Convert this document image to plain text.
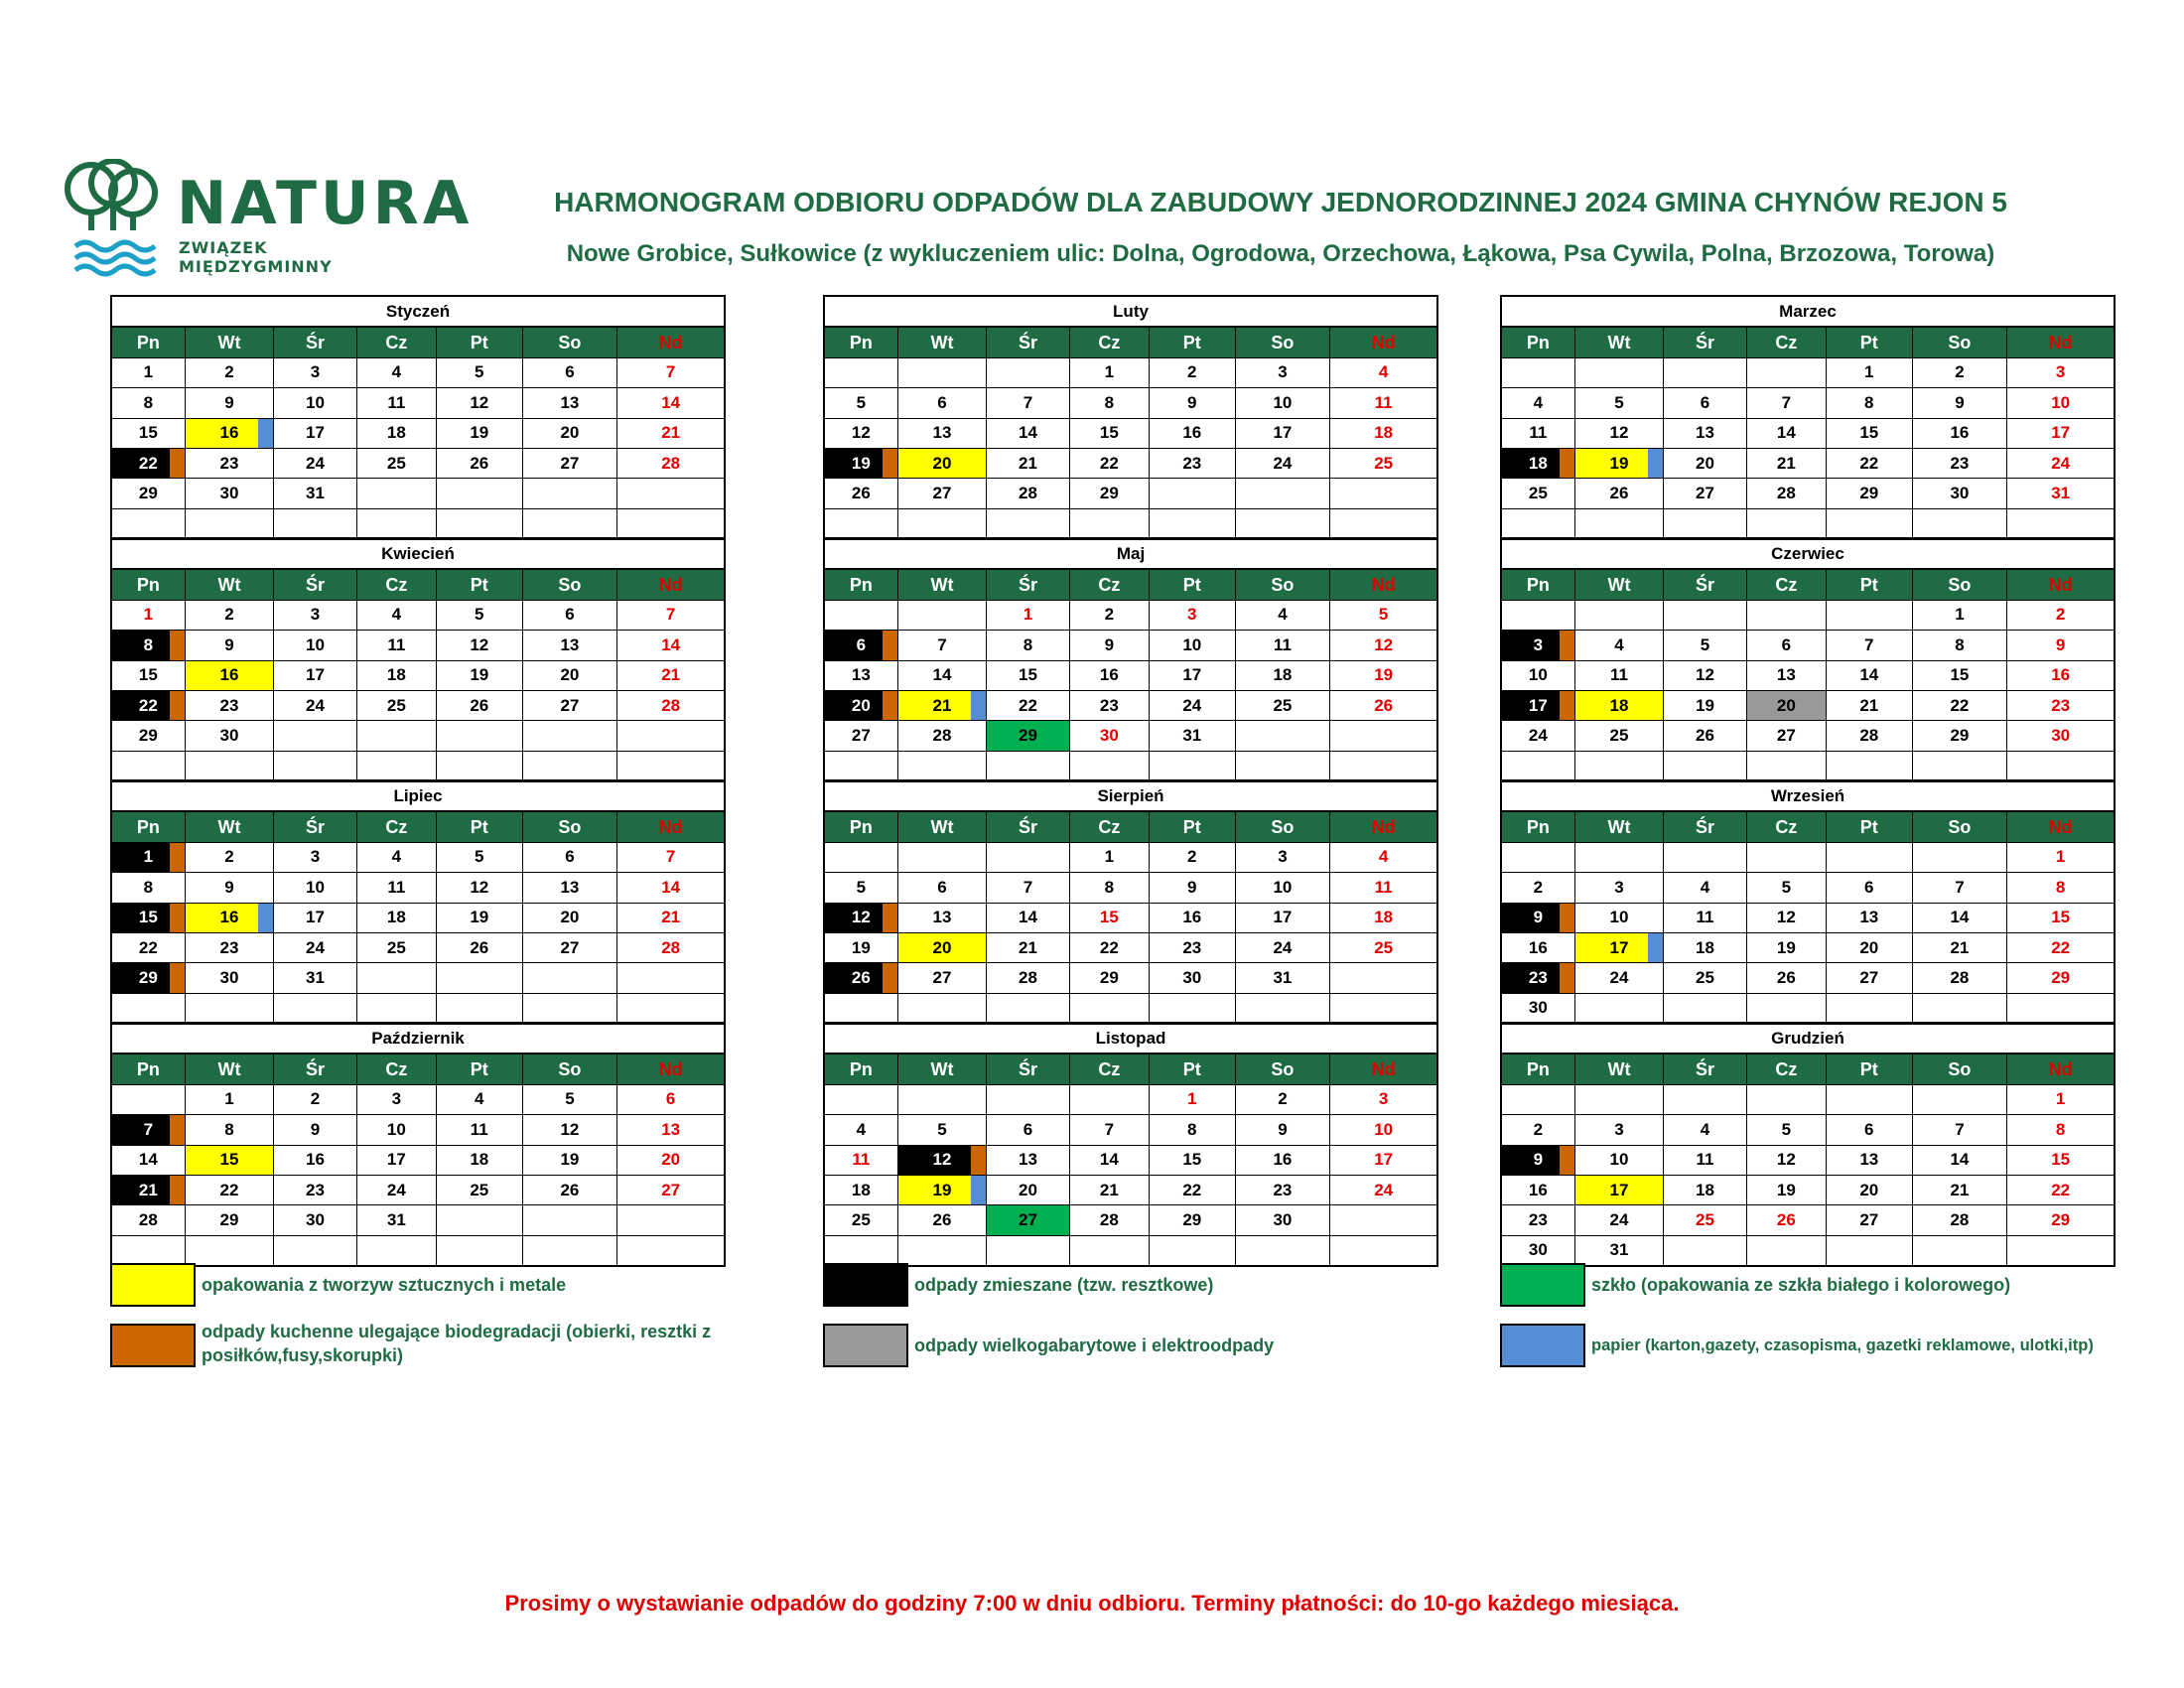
NATURA
ZWIĄZEK MIĘDZYGMINNY
HARMONOGRAM ODBIORU ODPADÓW DLA ZABUDOWY JEDNORODZINNEJ 2024 GMINA CHYNÓW REJON 5
Nowe Grobice, Sułkowice (z wykluczeniem ulic: Dolna, Ogrodowa, Orzechowa, Łąkowa, Psa Cywila, Polna, Brzozowa, Torowa)
Styczeń						
Pn	Wt	Śr	Cz	Pt	So	Nd
1	2	3	4	5	6	7
8	9	10	11	12	13	14
15	16	17	18	19	20	21
22	23	24	25	26	27	28
29	30	31				

Luty						
Pn	Wt	Śr	Cz	Pt	So	Nd
			1	2	3	4
5	6	7	8	9	10	11
12	13	14	15	16	17	18
19	20	21	22	23	24	25
26	27	28	29			

Marzec						
Pn	Wt	Śr	Cz	Pt	So	Nd
				1	2	3
4	5	6	7	8	9	10
11	12	13	14	15	16	17
18	19	20	21	22	23	24
25	26	27	28	29	30	31

Kwiecień						
Pn	Wt	Śr	Cz	Pt	So	Nd
1	2	3	4	5	6	7
8	9	10	11	12	13	14
15	16	17	18	19	20	21
22	23	24	25	26	27	28
29	30					

Maj						
Pn	Wt	Śr	Cz	Pt	So	Nd
		1	2	3	4	5
6	7	8	9	10	11	12
13	14	15	16	17	18	19
20	21	22	23	24	25	26
27	28	29	30	31		

Czerwiec						
Pn	Wt	Śr	Cz	Pt	So	Nd
					1	2
3	4	5	6	7	8	9
10	11	12	13	14	15	16
17	18	19	20	21	22	23
24	25	26	27	28	29	30

Lipiec						
Pn	Wt	Śr	Cz	Pt	So	Nd
1	2	3	4	5	6	7
8	9	10	11	12	13	14
15	16	17	18	19	20	21
22	23	24	25	26	27	28
29	30	31				

Sierpień						
Pn	Wt	Śr	Cz	Pt	So	Nd
			1	2	3	4
5	6	7	8	9	10	11
12	13	14	15	16	17	18
19	20	21	22	23	24	25
26	27	28	29	30	31	

Wrzesień						
Pn	Wt	Śr	Cz	Pt	So	Nd
						1
2	3	4	5	6	7	8
9	10	11	12	13	14	15
16	17	18	19	20	21	22
23	24	25	26	27	28	29
30						
Październik						
Pn	Wt	Śr	Cz	Pt	So	Nd
	1	2	3	4	5	6
7	8	9	10	11	12	13
14	15	16	17	18	19	20
21	22	23	24	25	26	27
28	29	30	31			

Listopad						
Pn	Wt	Śr	Cz	Pt	So	Nd
				1	2	3
4	5	6	7	8	9	10
11	12	13	14	15	16	17
18	19	20	21	22	23	24
25	26	27	28	29	30	

Grudzień						
Pn	Wt	Śr	Cz	Pt	So	Nd
						1
2	3	4	5	6	7	8
9	10	11	12	13	14	15
16	17	18	19	20	21	22
23	24	25	26	27	28	29
30	31					
opakowania z tworzyw sztucznych i metale
odpady kuchenne ulegające biodegradacji (obierki, resztki z
posiłków,fusy,skorupki)
odpady zmieszane (tzw. resztkowe)
odpady wielkogabarytowe i elektroodpady
szkło (opakowania ze szkła białego i kolorowego)
papier (karton,gazety, czasopisma, gazetki reklamowe, ulotki,itp)
Prosimy o wystawianie odpadów do godziny 7:00 w dniu odbioru. Terminy płatności: do 10-go każdego miesiąca.
